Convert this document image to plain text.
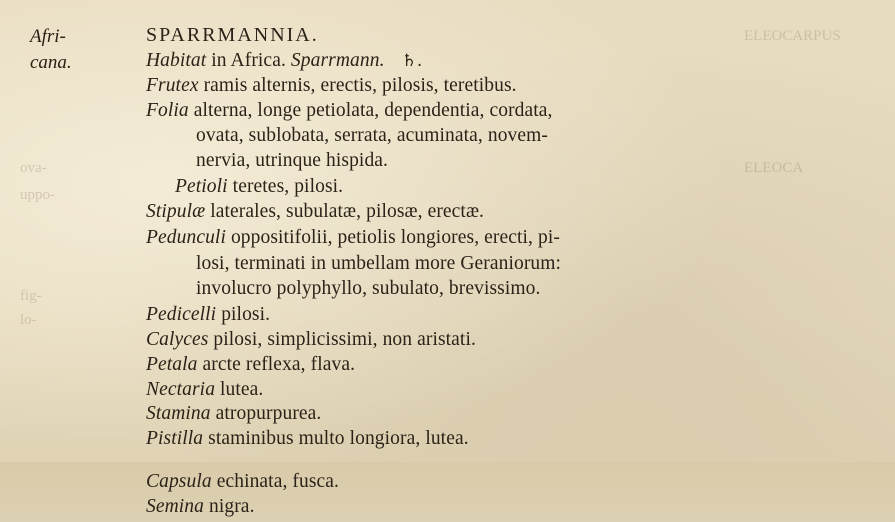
ELEOCARPUS
ELEOCA
ova-
uppo-
fig-
lo-
Afri-
cana.
SPARRMANNIA.
Habitat in Africa. Sparrmann. ♄.
Frutex ramis alternis, erectis, pilosis, teretibus.
Folia alterna, longe petiolata, dependentia, cordata,
ovata, sublobata, serrata, acuminata, novem-
nervia, utrinque hispida.
Petioli teretes, pilosi.
Stipulæ laterales, subulatæ, pilosæ, erectæ.
Pedunculi oppositifolii, petiolis longiores, erecti, pi-
losi, terminati in umbellam more Geraniorum:
involucro polyphyllo, subulato, brevissimo.
Pedicelli pilosi.
Calyces pilosi, simplicissimi, non aristati.
Petala arcte reflexa, flava.
Nectaria lutea.
Stamina atropurpurea.
Pistilla staminibus multo longiora, lutea.
Capsula echinata, fusca.
Semina nigra.
